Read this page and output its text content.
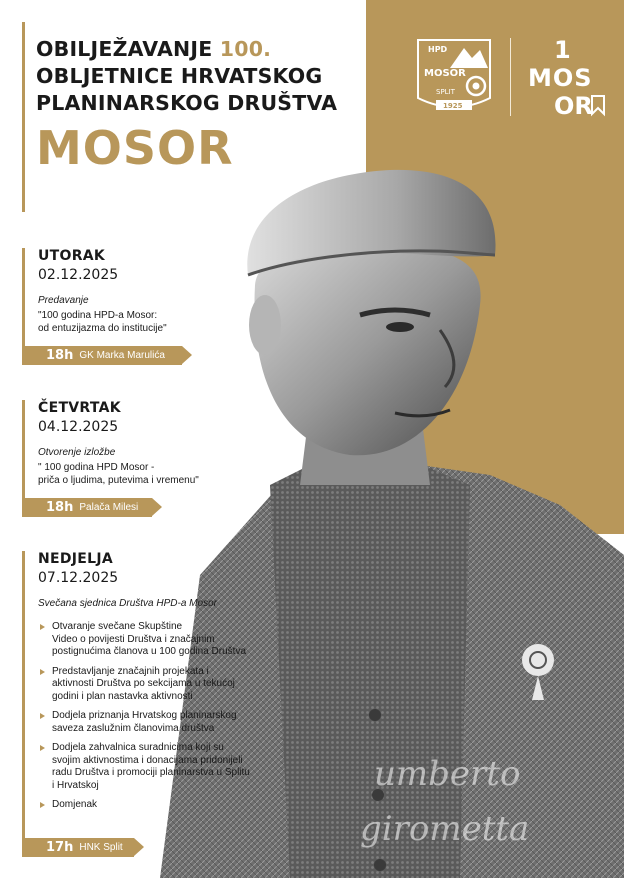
OBILJEŽAVANJE 100.
OBLJETNICE HRVATSKOG
PLANINARSKOG DRUŠTVA
MOSOR
HPD
MOSOR
SPLIT
1925
1
MOS
OR
UTORAK
02.12.2025
Predavanje
"100 godina HPD-a Mosor:
od entuzijazma do institucije"
18h GK Marka Marulića
ČETVRTAK
04.12.2025
Otvorenje izložbe
" 100 godina HPD Mosor -
priča o ljudima, putevima i vremenu"
18h Palača Milesi
NEDJELJA
07.12.2025
Svečana sjednica Društva HPD-a Mosor
Otvaranje svečane Skupštine
Video o povijesti Društva i značajnim
postignućima članova u 100 godina Društva
Predstavljanje značajnih projekata i
aktivnosti Društva po sekcijama u tekućoj
godini i plan nastavka aktivnosti
Dodjela priznanja Hrvatskog planinarskog
saveza zaslužnim članovima društva
Dodjela zahvalnica suradnicima koji su
svojim aktivnostima i donacijama pridonijeli
radu Društva i promociji planinarstva u Splitu
i Hrvatskoj
Domjenak
17h HNK Split
umberto
girometta
